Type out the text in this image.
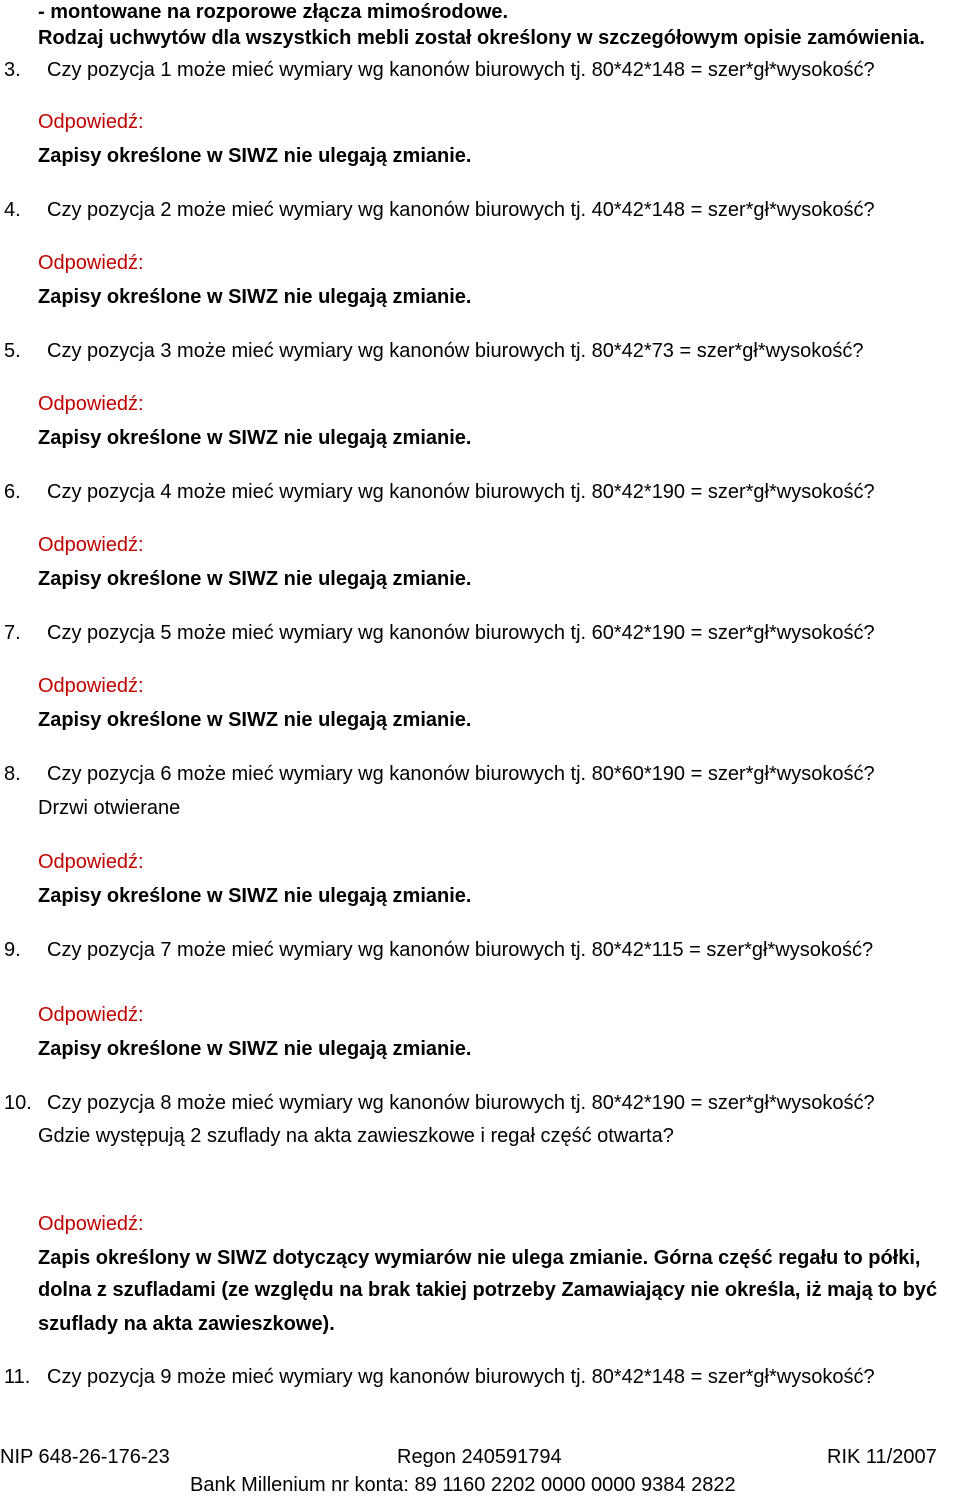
- montowane na rozporowe złącza mimośrodowe.
Rodzaj uchwytów dla wszystkich mebli został określony w szczegółowym opisie zamówienia.
3. Czy pozycja 1 może mieć wymiary wg kanonów biurowych tj. 80*42*148 = szer*gł*wysokość?
Odpowiedź:
Zapisy określone w SIWZ nie ulegają zmianie.
4. Czy pozycja 2 może mieć wymiary wg kanonów biurowych tj. 40*42*148 = szer*gł*wysokość?
Odpowiedź:
Zapisy określone w SIWZ nie ulegają zmianie.
5. Czy pozycja 3 może mieć wymiary wg kanonów biurowych tj. 80*42*73 = szer*gł*wysokość?
Odpowiedź:
Zapisy określone w SIWZ nie ulegają zmianie.
6. Czy pozycja 4 może mieć wymiary wg kanonów biurowych tj. 80*42*190 = szer*gł*wysokość?
Odpowiedź:
Zapisy określone w SIWZ nie ulegają zmianie.
7. Czy pozycja 5 może mieć wymiary wg kanonów biurowych tj. 60*42*190 = szer*gł*wysokość?
Odpowiedź:
Zapisy określone w SIWZ nie ulegają zmianie.
8. Czy pozycja 6 może mieć wymiary wg kanonów biurowych tj. 80*60*190 = szer*gł*wysokość?
Drzwi otwierane
Odpowiedź:
Zapisy określone w SIWZ nie ulegają zmianie.
9. Czy pozycja 7 może mieć wymiary wg kanonów biurowych tj. 80*42*115 = szer*gł*wysokość?
Odpowiedź:
Zapisy określone w SIWZ nie ulegają zmianie.
10. Czy pozycja 8 może mieć wymiary wg kanonów biurowych tj. 80*42*190 = szer*gł*wysokość?
Gdzie występują 2 szuflady na akta zawieszkowe i regał część otwarta?
Odpowiedź:
Zapis określony w SIWZ dotyczący wymiarów nie ulega zmianie. Górna część regału to półki,
dolna z szufladami (ze względu na brak takiej potrzeby Zamawiający nie określa, iż mają to być
szuflady na akta zawieszkowe).
11. Czy pozycja 9 może mieć wymiary wg kanonów biurowych tj. 80*42*148 = szer*gł*wysokość?
NIP 648-26-176-23	Regon 240591794	RIK 11/2007
Bank Millenium nr konta: 89 1160 2202 0000 0000 9384 2822
